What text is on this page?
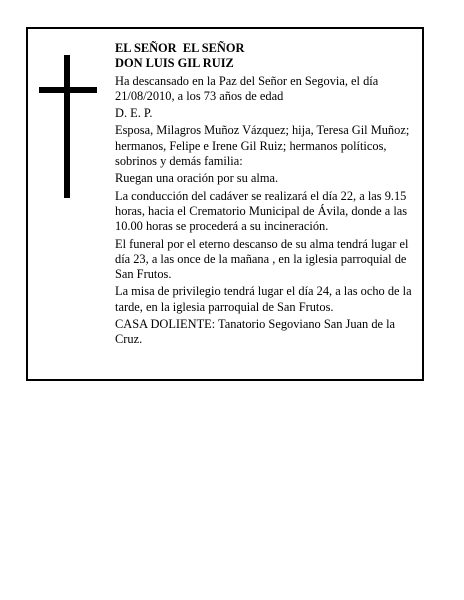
EL SEÑOR  EL SEÑOR

DON LUIS GIL RUIZ

Ha descansado en la Paz del Señor en Segovia, el día 21/08/2010, a los 73 años de edad

D. E. P.

Esposa, Milagros Muñoz Vázquez; hija, Teresa Gil Muñoz; hermanos, Felipe e Irene Gil Ruiz; hermanos políticos, sobrinos y demás familia:

Ruegan una oración por su alma.

La conducción del cadáver se realizará el día 22, a las 9.15 horas, hacia el Crematorio Municipal de Ávila, donde a las 10.00 horas se procederá a su incineración.

El funeral por el eterno descanso de su alma tendrá lugar el día 23, a las once de la mañana , en la iglesia parroquial de San Frutos.

La misa de privilegio tendrá lugar el día 24, a las ocho de la tarde, en la iglesia parroquial de San Frutos.

CASA DOLIENTE: Tanatorio Segoviano San Juan de la Cruz.
